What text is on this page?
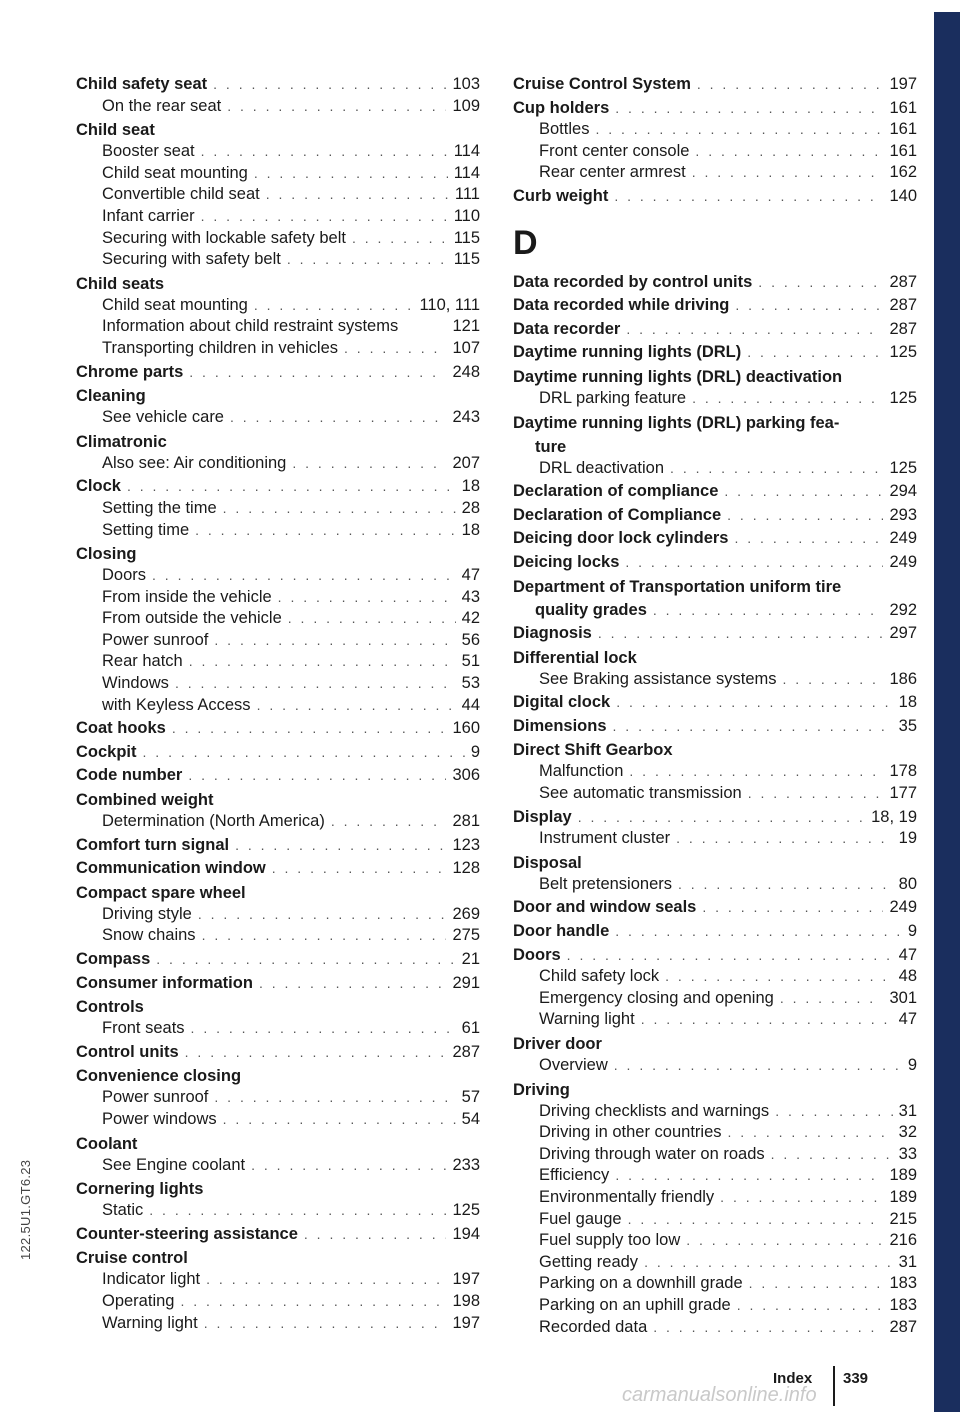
122.5U1.GT6.23
Child safety seat . . .	103
On the rear seat . . .	109
Child seat
Booster seat . . .	114
Child seat mounting . . .	114
Convertible child seat . . .	111
Infant carrier . . .	110
Securing with lockable safety belt . . .	115
Securing with safety belt . . .	115
Child seats
Child seat mounting . . .	110, 111
Information about child restraint systems	121
Transporting children in vehicles . . .	107
Chrome parts . . .	248
Cleaning
See vehicle care . . .	243
Climatronic
Also see: Air conditioning . . .	207
Clock . . .	18
Setting the time . . .	28
Setting time . . .	18
Closing
Doors . . .	47
From inside the vehicle . . .	43
From outside the vehicle . . .	42
Power sunroof . . .	56
Rear hatch . . .	51
Windows . . .	53
with Keyless Access . . .	44
Coat hooks . . .	160
Cockpit . . .	9
Code number . . .	306
Combined weight
Determination (North America) . . .	281
Comfort turn signal . . .	123
Communication window . . .	128
Compact spare wheel
Driving style . . .	269
Snow chains . . .	275
Compass . . .	21
Consumer information . . .	291
Controls
Front seats . . .	61
Control units . . .	287
Convenience closing
Power sunroof . . .	57
Power windows . . .	54
Coolant
See Engine coolant . . .	233
Cornering lights
Static . . .	125
Counter-steering assistance . . .	194
Cruise control
Indicator light . . .	197
Operating . . .	198
Warning light . . .	197
Cruise Control System . . .	197
Cup holders . . .	161
Bottles . . .	161
Front center console . . .	161
Rear center armrest . . .	162
Curb weight . . .	140
D
Data recorded by control units . . .	287
Data recorded while driving . . .	287
Data recorder . . .	287
Daytime running lights (DRL) . . .	125
Daytime running lights (DRL) deactivation
DRL parking feature . . .	125
Daytime running lights (DRL) parking fea-
ture
DRL deactivation . . .	125
Declaration of compliance . . .	294
Declaration of Compliance . . .	293
Deicing door lock cylinders . . .	249
Deicing locks . . .	249
Department of Transportation uniform tire
quality grades . . .	292
Diagnosis . . .	297
Differential lock
See Braking assistance systems . . .	186
Digital clock . . .	18
Dimensions . . .	35
Direct Shift Gearbox
Malfunction . . .	178
See automatic transmission . . .	177
Display . . .	18, 19
Instrument cluster . . .	19
Disposal
Belt pretensioners . . .	80
Door and window seals . . .	249
Door handle . . .	9
Doors . . .	47
Child safety lock . . .	48
Emergency closing and opening . . .	301
Warning light . . .	47
Driver door
Overview . . .	9
Driving
Driving checklists and warnings . . .	31
Driving in other countries . . .	32
Driving through water on roads . . .	33
Efficiency . . .	189
Environmentally friendly . . .	189
Fuel gauge . . .	215
Fuel supply too low . . .	216
Getting ready . . .	31
Parking on a downhill grade . . .	183
Parking on an uphill grade . . .	183
Recorded data . . .	287
Index 339
carmanualsonline.info
